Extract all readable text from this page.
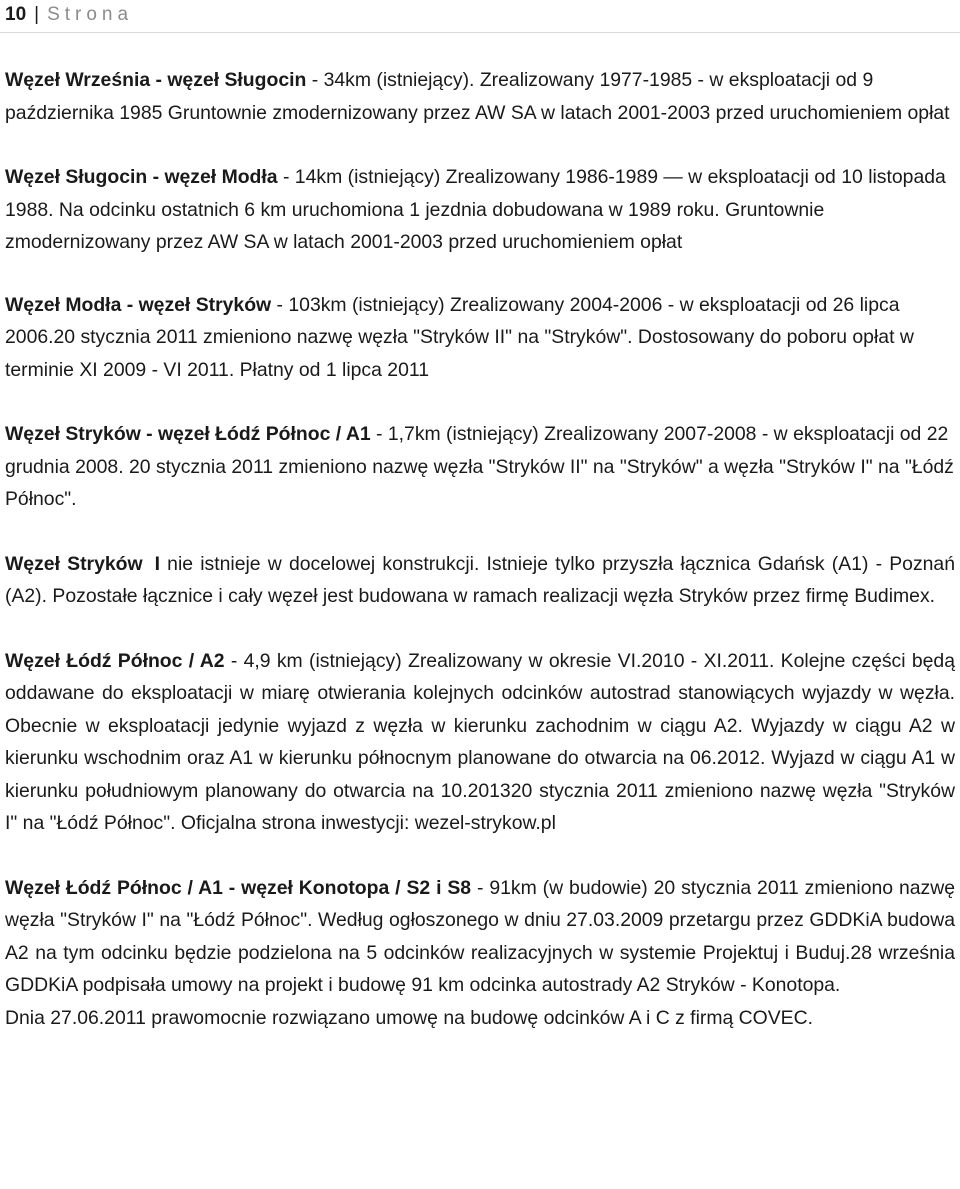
10 | Strona

Węzeł Września - węzeł Sługocin - 34km (istniejący). Zrealizowany 1977-1985 - w eksploatacji od 9 października 1985 Gruntownie zmodernizowany przez AW SA w latach 2001-2003 przed uruchomieniem opłat

Węzeł Sługocin - węzeł Modła - 14km (istniejący) Zrealizowany 1986-1989 — w eksploatacji od 10 listopada 1988. Na odcinku ostatnich 6 km uruchomiona 1 jezdnia dobudowana w 1989 roku. Gruntownie zmodernizowany przez AW SA w latach 2001-2003 przed uruchomieniem opłat

Węzeł Modła - węzeł Stryków - 103km (istniejący) Zrealizowany 2004-2006 - w eksploatacji od 26 lipca 2006.20 stycznia 2011 zmieniono nazwę węzła "Stryków II" na "Stryków". Dostosowany do poboru opłat w terminie XI 2009 - VI 2011. Płatny od 1 lipca 2011

Węzeł Stryków - węzeł Łódź Północ / A1 - 1,7km (istniejący) Zrealizowany 2007-2008 - w eksploatacji od 22 grudnia 2008. 20 stycznia 2011 zmieniono nazwę węzła "Stryków II" na "Stryków" a węzła "Stryków I" na "Łódź Północ".

Węzeł Stryków I nie istnieje w docelowej konstrukcji. Istnieje tylko przyszła łącznica Gdańsk (A1) - Poznań (A2). Pozostałe łącznice i cały węzeł jest budowana w ramach realizacji węzła Stryków przez firmę Budimex.

Węzeł Łódź Północ / A2 - 4,9 km (istniejący) Zrealizowany w okresie VI.2010 - XI.2011. Kolejne części będą oddawane do eksploatacji w miarę otwierania kolejnych odcinków autostrad stanowiących wyjazdy w węzła. Obecnie w eksploatacji jedynie wyjazd z węzła w kierunku zachodnim w ciągu A2. Wyjazdy w ciągu A2 w kierunku wschodnim oraz A1 w kierunku północnym planowane do otwarcia na 06.2012. Wyjazd w ciągu A1 w kierunku południowym planowany do otwarcia na 10.201320 stycznia 2011 zmieniono nazwę węzła "Stryków I" na "Łódź Północ". Oficjalna strona inwestycji: wezel-strykow.pl

Węzeł Łódź Północ / A1 - węzeł Konotopa / S2 i S8 - 91km (w budowie) 20 stycznia 2011 zmieniono nazwę węzła "Stryków I" na "Łódź Północ". Według ogłoszonego w dniu 27.03.2009 przetargu przez GDDKiA budowa A2 na tym odcinku będzie podzielona na 5 odcinków realizacyjnych w systemie Projektuj i Buduj.28 września GDDKiA podpisała umowy na projekt i budowę 91 km odcinka autostrady A2 Stryków - Konotopa.

Dnia 27.06.2011 prawomocnie rozwiązano umowę na budowę odcinków A i C z firmą COVEC.
